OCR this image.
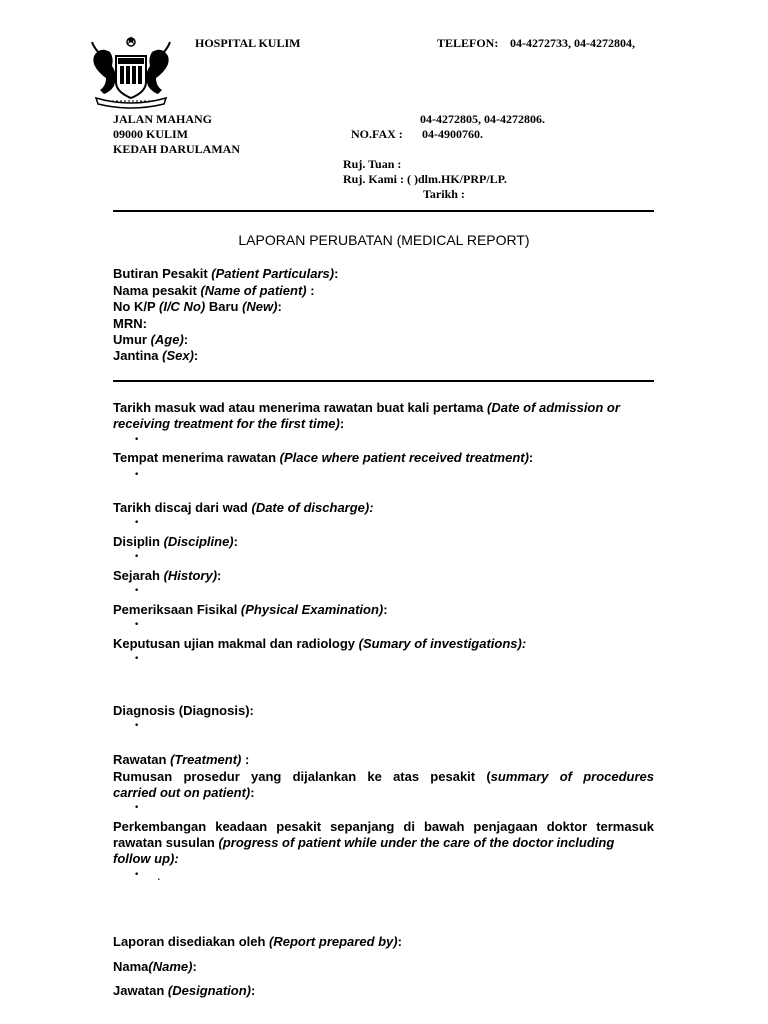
HOSPITAL KULIM	TELEFON: 04-4272733, 04-4272804,
JALAN MAHANG
09000 KULIM
KEDAH DARULAMAN
04-4272805, 04-4272806.
NO.FAX : 04-4900760.
Ruj. Tuan :
Ruj. Kami : ( )dlm.HK/PRP/LP.
Tarikh :
LAPORAN PERUBATAN (MEDICAL REPORT)
Butiran Pesakit (Patient Particulars):
Nama pesakit (Name of patient) :
No K/P (I/C No) Baru (New):
MRN:
Umur (Age):
Jantina (Sex):
Tarikh masuk wad atau menerima rawatan buat kali pertama (Date of admission or
receiving treatment for the first time):
•
Tempat menerima rawatan (Place where patient received treatment):
•
Tarikh discaj dari wad (Date of discharge):
•
Disiplin (Discipline):
•
Sejarah (History):
•
Pemeriksaan Fisikal (Physical Examination):
•
Keputusan ujian makmal dan radiology (Sumary of investigations):
•
Diagnosis (Diagnosis):
•
Rawatan (Treatment) :
Rumusan prosedur yang dijalankan ke atas pesakit (summary of procedures
carried out on patient):
•
Perkembangan keadaan pesakit sepanjang di bawah penjagaan doktor termasuk
rawatan susulan (progress of patient while under the care of the doctor including
follow up):
• .
Laporan disediakan oleh (Report prepared by):
Nama(Name):
Jawatan (Designation):
